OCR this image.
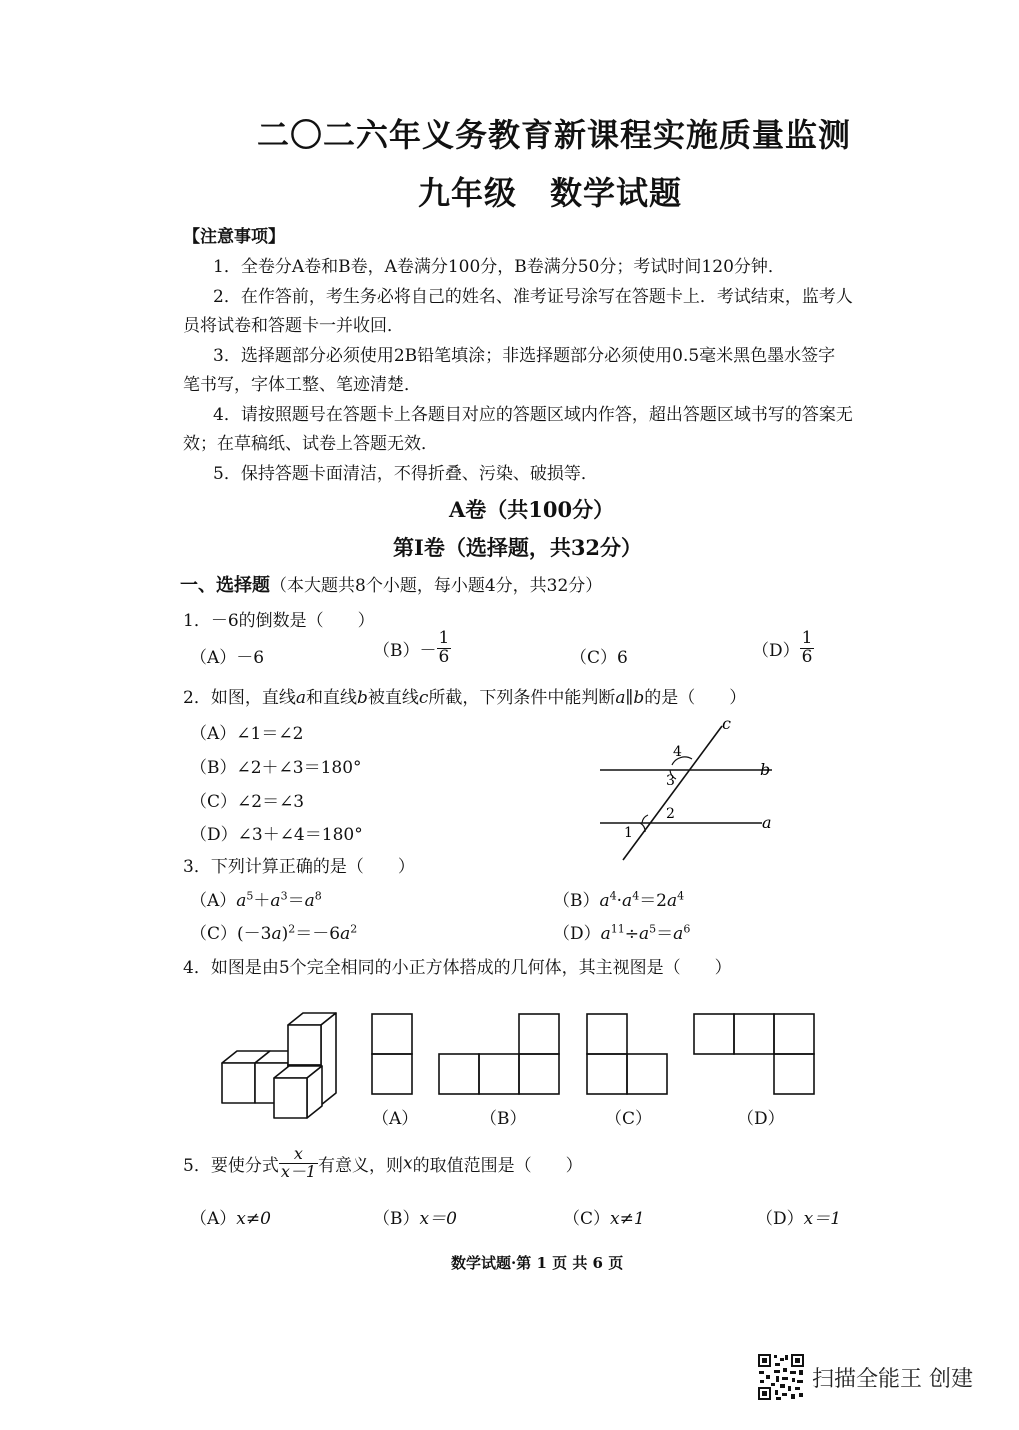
二〇二六年义务教育新课程实施质量监测
九年级　数学试题
【注意事项】
1．全卷分A卷和B卷，A卷满分100分，B卷满分50分；考试时间120分钟．
2．在作答前，考生务必将自己的姓名、准考证号涂写在答题卡上．考试结束，监考人
员将试卷和答题卡一并收回．
3．选择题部分必须使用2B铅笔填涂；非选择题部分必须使用0.5毫米黑色墨水签字
笔书写，字体工整、笔迹清楚．
4．请按照题号在答题卡上各题目对应的答题区域内作答，超出答题区域书写的答案无
效；在草稿纸、试卷上答题无效．
5．保持答题卡面清洁，不得折叠、污染、破损等．
A卷（共100分）
第Ⅰ卷（选择题，共32分）
一、选择题（本大题共8个小题，每小题4分，共32分）
1．－6的倒数是（　　）
（A）－6	$(B)- \frac{1}{6}$	（C）6	$(D) \frac{1}{6}$
2．如图，直线a和直线b被直线c所截，下列条件中能判断a∥b的是（　　）
（A）∠1＝∠2
（B）∠2＋∠3＝180°
（C）∠2＝∠3
（D）∠3＋∠4＝180°
c
b
a
4
3
2
1
3．下列计算正确的是（　　）
$(A)a^5+a^3=a^8$	$(B)a^4\cdot a^4=2a^4$
$(C)(-3a)^2=-6a^2$	$(D)a^{11}\div a^5=a^6$
4．如图是由5个完全相同的小正方体搭成的几何体，其主视图是（　　）
（A）	（B）	（C）	（D）
5．要使分式 $\frac{x}{x-1}$ 有意义，则x的取值范围是（　　）
（A）x≠0	（B）x＝0	（C）x≠1	（D）x＝1
数学试题·第 1 页 共 6 页
扫描全能王 创建
